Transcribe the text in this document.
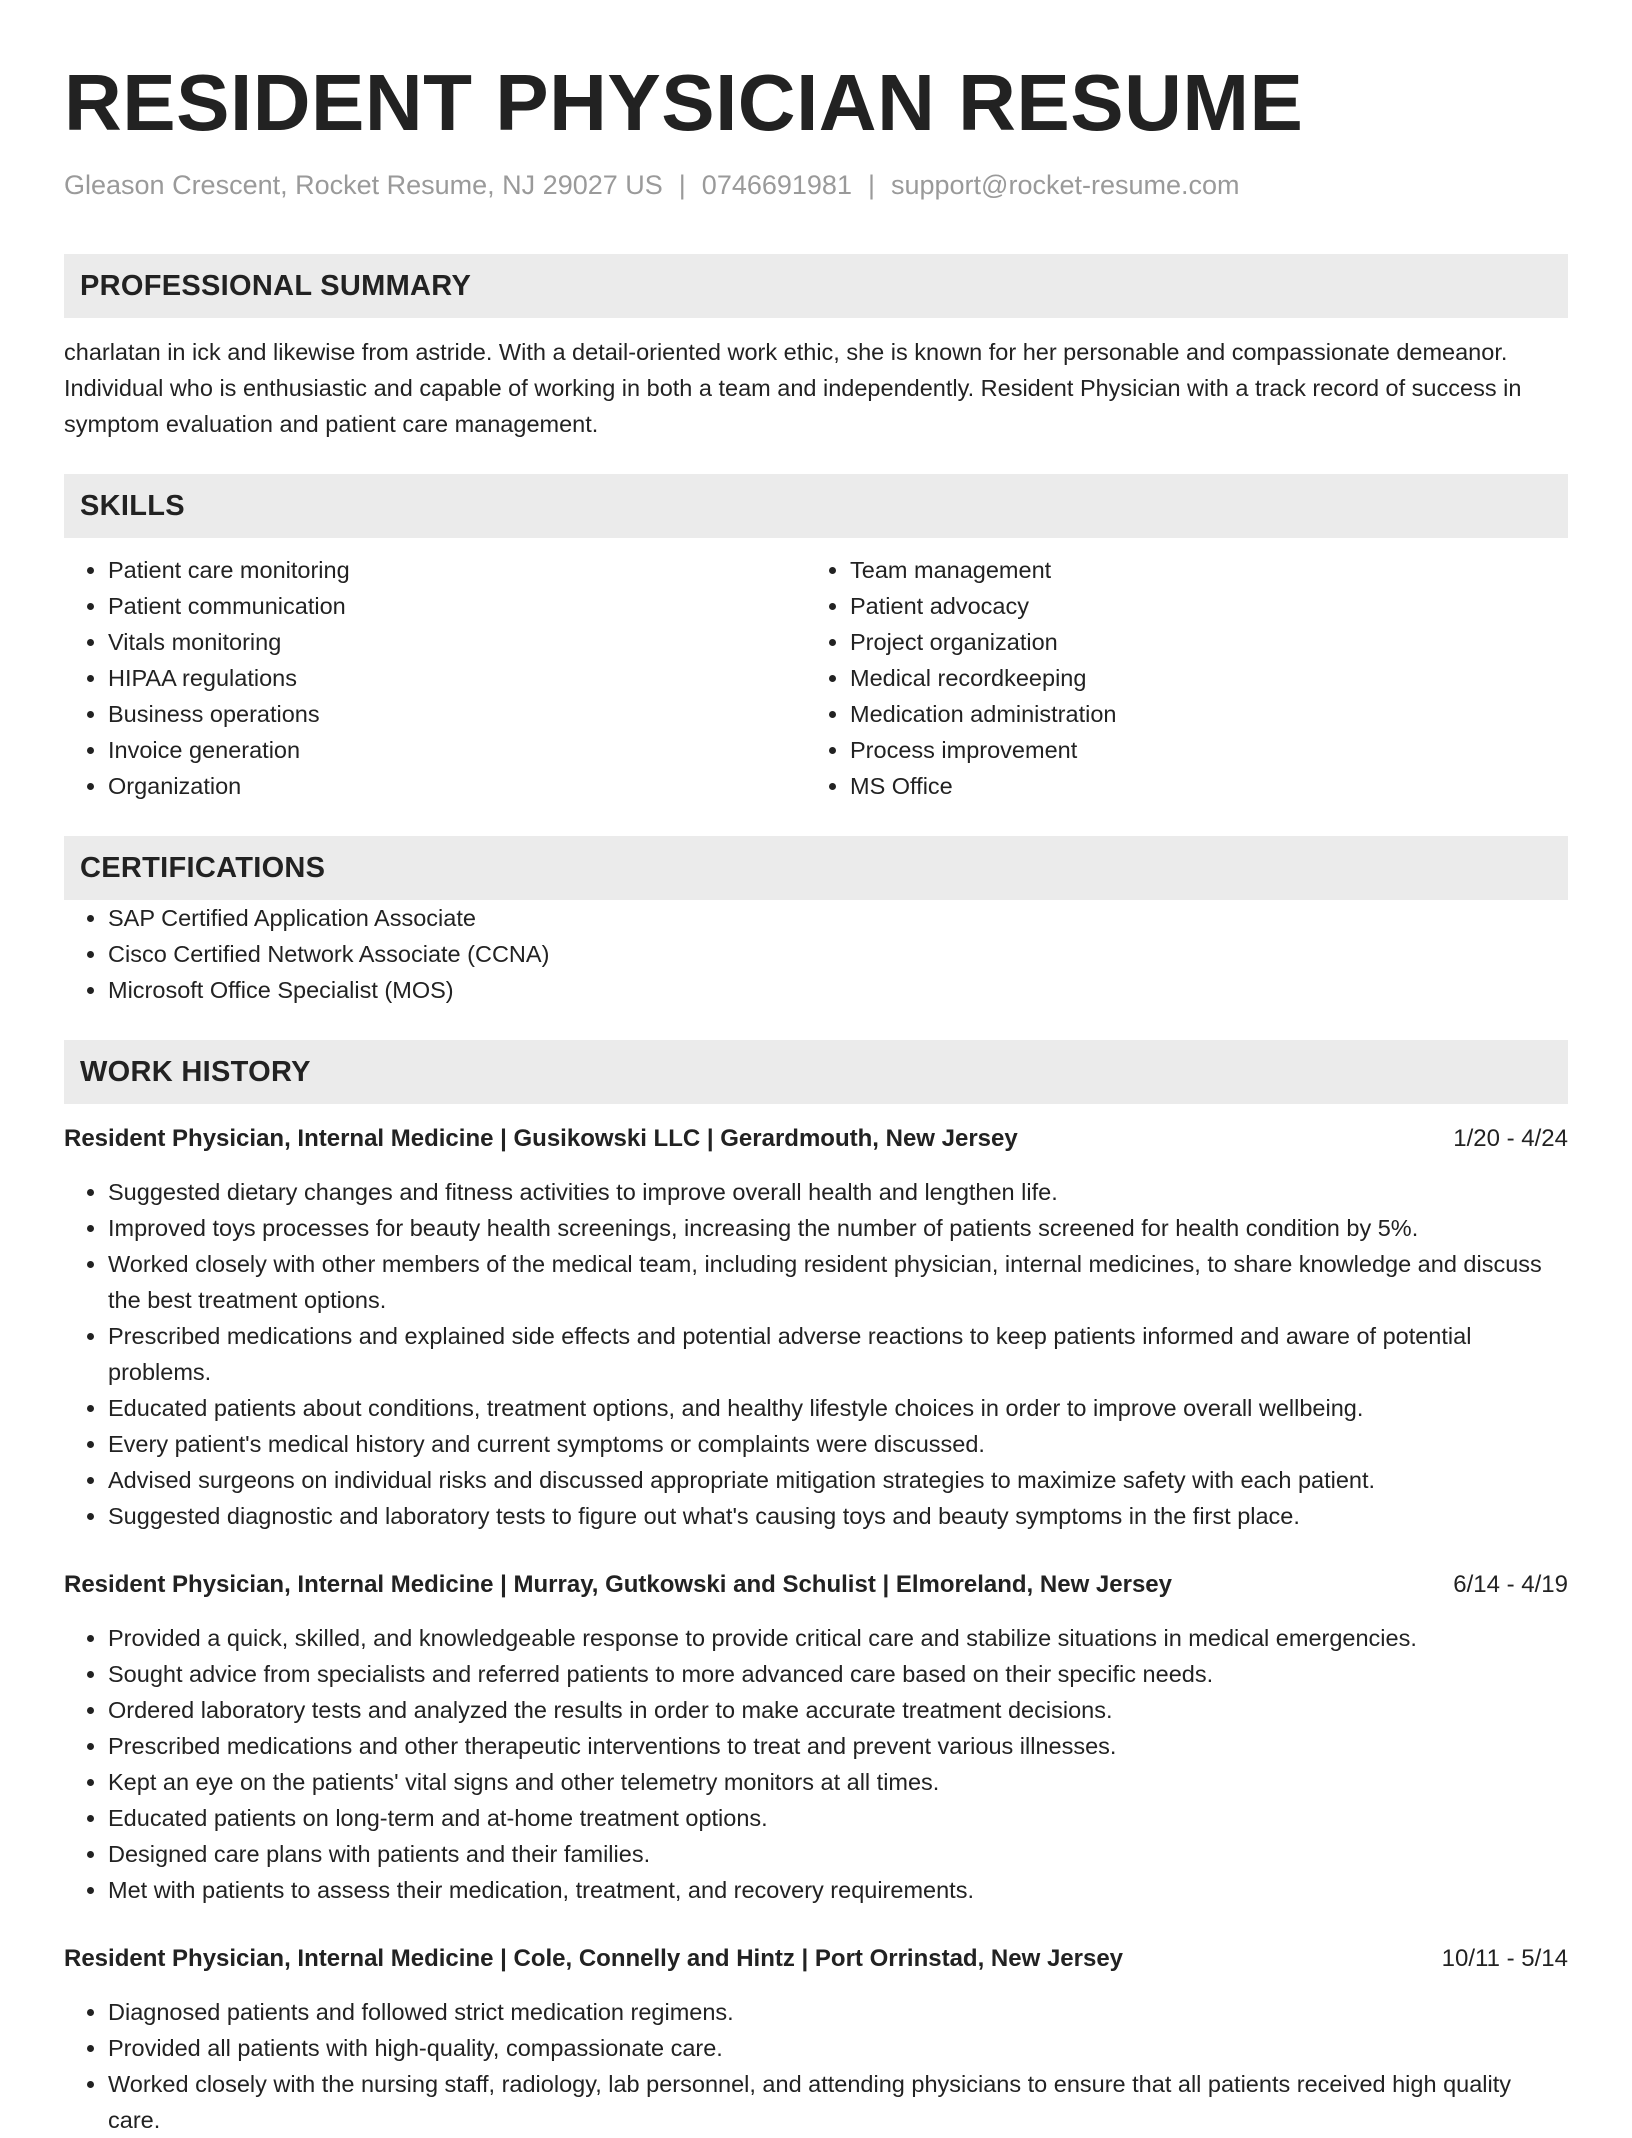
RESIDENT PHYSICIAN RESUME
Gleason Crescent, Rocket Resume, NJ 29027 US | 0746691981 | support@rocket-resume.com
PROFESSIONAL SUMMARY

charlatan in ick and likewise from astride. With a detail-oriented work ethic, she is known for her personable and compassionate demeanor. Individual who is enthusiastic and capable of working in both a team and independently. Resident Physician with a track record of success in symptom evaluation and patient care management.

SKILLS
• Patient care monitoring
• Patient communication
• Vitals monitoring
• HIPAA regulations
• Business operations
• Invoice generation
• Organization
• Team management
• Patient advocacy
• Project organization
• Medical recordkeeping
• Medication administration
• Process improvement
• MS Office
CERTIFICATIONS
• SAP Certified Application Associate
• Cisco Certified Network Associate (CCNA)
• Microsoft Office Specialist (MOS)
WORK HISTORY
Resident Physician, Internal Medicine | Gusikowski LLC | Gerardmouth, New Jersey	1/20 - 4/24
• Suggested dietary changes and fitness activities to improve overall health and lengthen life.
• Improved toys processes for beauty health screenings, increasing the number of patients screened for health condition by 5%.
• Worked closely with other members of the medical team, including resident physician, internal medicines, to share knowledge and discuss the best treatment options.
• Prescribed medications and explained side effects and potential adverse reactions to keep patients informed and aware of potential problems.
• Educated patients about conditions, treatment options, and healthy lifestyle choices in order to improve overall wellbeing.
• Every patient's medical history and current symptoms or complaints were discussed.
• Advised surgeons on individual risks and discussed appropriate mitigation strategies to maximize safety with each patient.
• Suggested diagnostic and laboratory tests to figure out what's causing toys and beauty symptoms in the first place.
Resident Physician, Internal Medicine | Murray, Gutkowski and Schulist | Elmoreland, New Jersey	6/14 - 4/19
• Provided a quick, skilled, and knowledgeable response to provide critical care and stabilize situations in medical emergencies.
• Sought advice from specialists and referred patients to more advanced care based on their specific needs.
• Ordered laboratory tests and analyzed the results in order to make accurate treatment decisions.
• Prescribed medications and other therapeutic interventions to treat and prevent various illnesses.
• Kept an eye on the patients' vital signs and other telemetry monitors at all times.
• Educated patients on long-term and at-home treatment options.
• Designed care plans with patients and their families.
• Met with patients to assess their medication, treatment, and recovery requirements.
Resident Physician, Internal Medicine | Cole, Connelly and Hintz | Port Orrinstad, New Jersey	10/11 - 5/14
• Diagnosed patients and followed strict medication regimens.
• Provided all patients with high-quality, compassionate care.
• Worked closely with the nursing staff, radiology, lab personnel, and attending physicians to ensure that all patients received high quality care.
